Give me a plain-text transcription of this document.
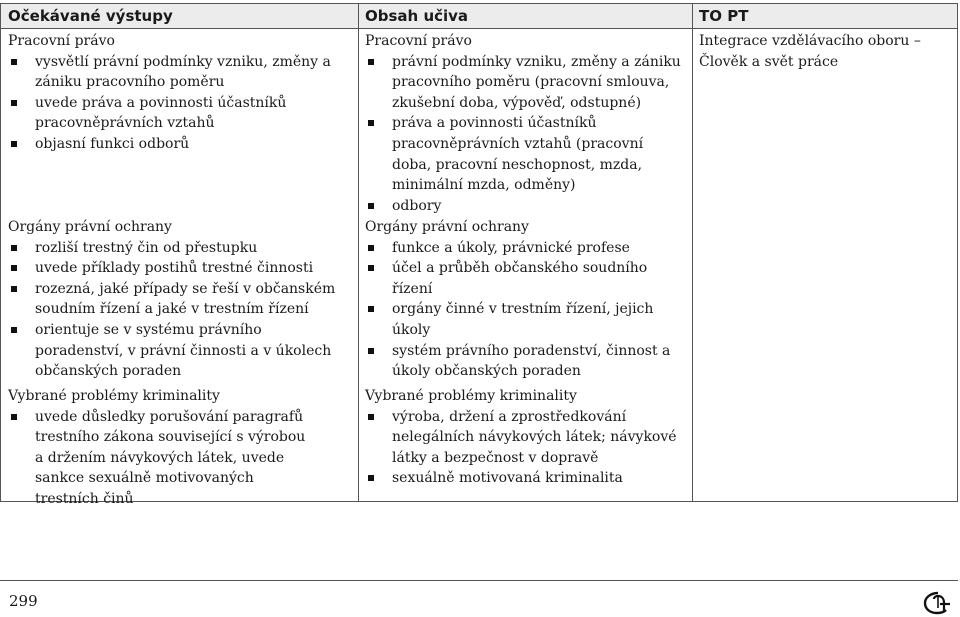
Očekávané výstupy	Obsah učiva	TO PT
Pracovní právo
vysvětlí právní podmínky vzniku, změny a zániku pracovního poměru
uvede práva a povinnosti účastníků pracovněprávních vztahů
objasní funkci odborů
Orgány právní ochrany
rozliší trestný čin od přestupku
uvede příklady postihů trestné činnosti
rozezná, jaké případy se řeší v občanském soudním řízení a jaké v trestním řízení
orientuje se v systému právního poradenství, v právní činnosti a v úkolech občanských poraden
Vybrané problémy kriminality
uvede důsledky porušování paragrafů trestního zákona související s výrobou a držením návykových látek, uvede sankce sexuálně motivovaných trestních činů
Pracovní právo
právní podmínky vzniku, změny a zániku pracovního poměru (pracovní smlouva, zkušební doba, výpověď, odstupné)
práva a povinnosti účastníků pracovněprávních vztahů (pracovní doba, pracovní neschopnost, mzda, minimální mzda, odměny)
odbory
Orgány právní ochrany
funkce a úkoly, právnické profese
účel a průběh občanského soudního řízení
orgány činné v trestním řízení, jejich úkoly
systém právního poradenství, činnost a úkoly občanských poraden
Vybrané problémy kriminality
výroba, držení a zprostředkování nelegálních návykových látek; návykové látky a bezpečnost v dopravě
sexuálně motivovaná kriminalita
Integrace vzdělávacího oboru – Člověk a svět práce
299
